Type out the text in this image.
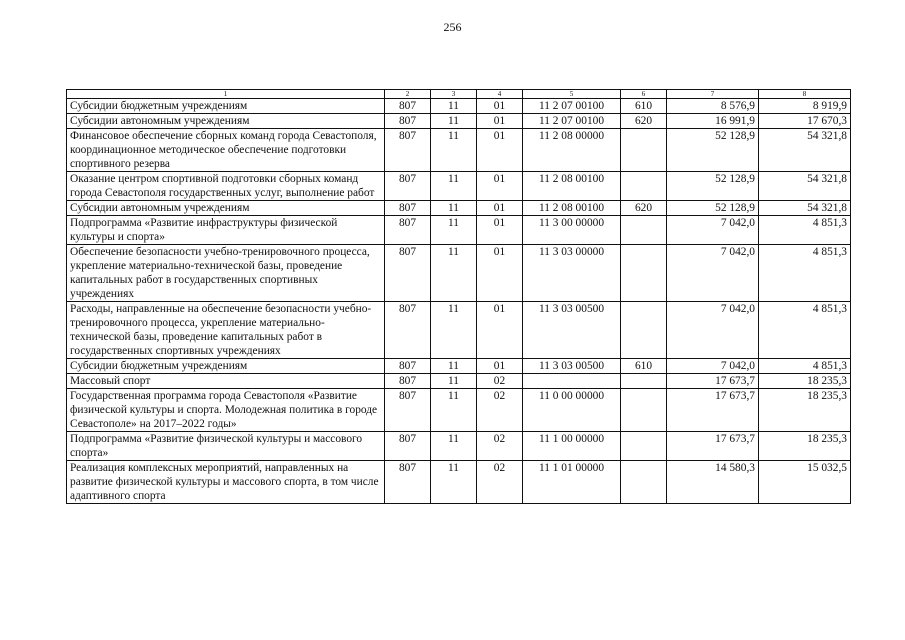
256
1	2	3	4	5	6	7	8
Субсидии бюджетным учреждениям	807	11	01	11 2 07 00100	610	8 576,9	8 919,9
Субсидии автономным учреждениям	807	11	01	11 2 07 00100	620	16 991,9	17 670,3
Финансовое обеспечение сборных команд города Севастополя, координационное методическое обеспечение подготовки спортивного резерва	807	11	01	11 2 08 00000		52 128,9	54 321,8
Оказание центром спортивной подготовки сборных команд города Севастополя государственных услуг, выполнение работ	807	11	01	11 2 08 00100		52 128,9	54 321,8
Субсидии автономным учреждениям	807	11	01	11 2 08 00100	620	52 128,9	54 321,8
Подпрограмма «Развитие инфраструктуры физической культуры и спорта»	807	11	01	11 3 00 00000		7 042,0	4 851,3
Обеспечение безопасности учебно-тренировочного процесса, укрепление материально-технической базы, проведение капитальных работ в государственных спортивных учреждениях	807	11	01	11 3 03 00000		7 042,0	4 851,3
Расходы, направленные на обеспечение безопасности учебно-тренировочного процесса, укрепление материально-технической базы, проведение капитальных работ в государственных спортивных учреждениях	807	11	01	11 3 03 00500		7 042,0	4 851,3
Субсидии бюджетным учреждениям	807	11	01	11 3 03 00500	610	7 042,0	4 851,3
Массовый спорт	807	11	02			17 673,7	18 235,3
Государственная программа города Севастополя «Развитие физической культуры и спорта. Молодежная политика в городе Севастополе» на 2017–2022 годы»	807	11	02	11 0 00 00000		17 673,7	18 235,3
Подпрограмма «Развитие физической культуры и массового спорта»	807	11	02	11 1 00 00000		17 673,7	18 235,3
Реализация комплексных мероприятий, направленных на развитие физической культуры и массового спорта, в том числе адаптивного спорта	807	11	02	11 1 01 00000		14 580,3	15 032,5
